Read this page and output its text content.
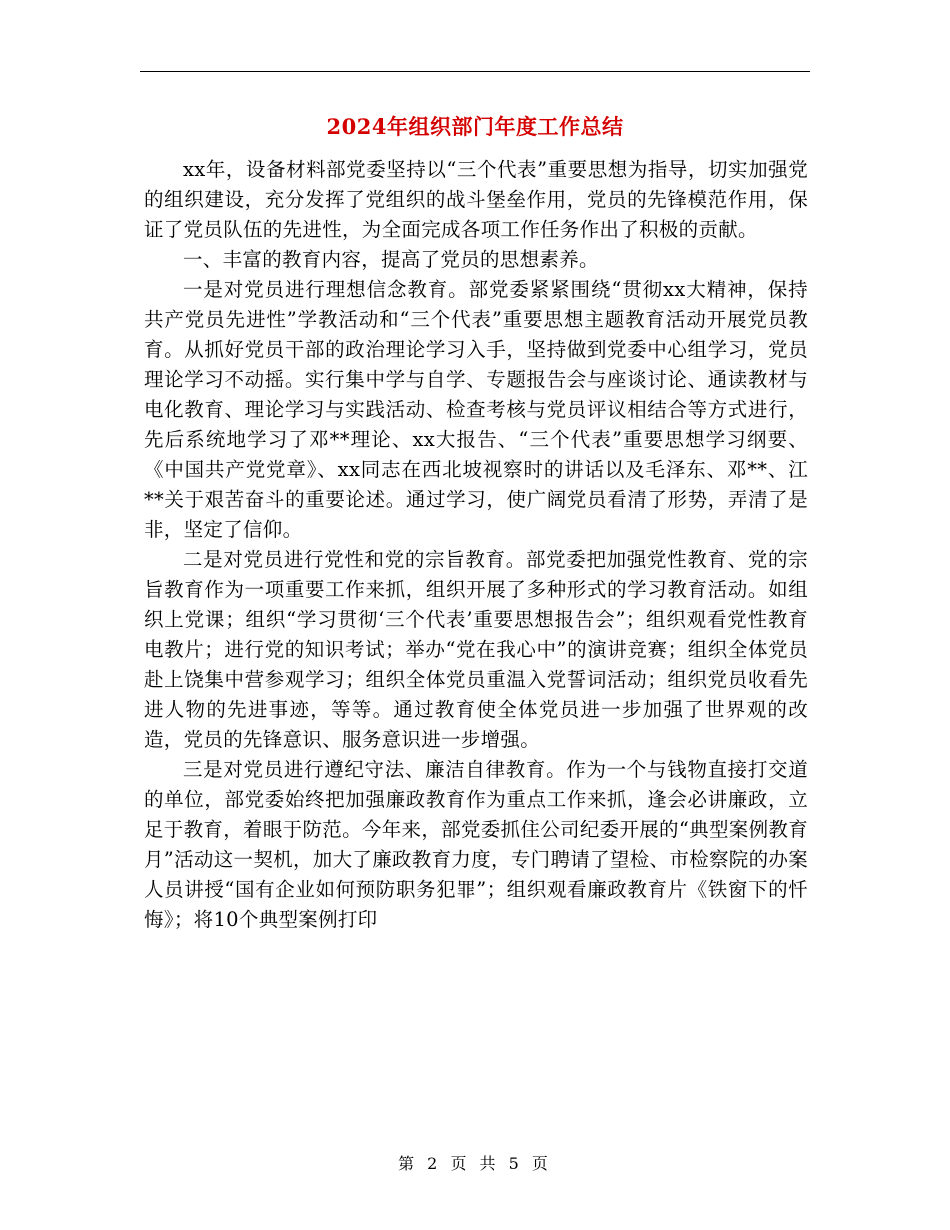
2024年组织部门年度工作总结

xx年，设备材料部党委坚持以“三个代表”重要思想为指导，切实加强党的组织建设，充分发挥了党组织的战斗堡垒作用，党员的先锋模范作用，保证了党员队伍的先进性，为全面完成各项工作任务作出了积极的贡献。

一、丰富的教育内容，提高了党员的思想素养。

一是对党员进行理想信念教育。部党委紧紧围绕“贯彻xx大精神，保持共产党员先进性”学教活动和“三个代表”重要思想主题教育活动开展党员教育。从抓好党员干部的政治理论学习入手，坚持做到党委中心组学习，党员理论学习不动摇。实行集中学与自学、专题报告会与座谈讨论、通读教材与电化教育、理论学习与实践活动、检查考核与党员评议相结合等方式进行，先后系统地学习了邓**理论、xx大报告、“三个代表”重要思想学习纲要、《中国共产党党章》、xx同志在西北坡视察时的讲话以及毛泽东、邓**、江**关于艰苦奋斗的重要论述。通过学习，使广阔党员看清了形势，弄清了是非，坚定了信仰。

二是对党员进行党性和党的宗旨教育。部党委把加强党性教育、党的宗旨教育作为一项重要工作来抓，组织开展了多种形式的学习教育活动。如组织上党课；组织“学习贯彻‘三个代表’重要思想报告会”；组织观看党性教育电教片；进行党的知识考试；举办“党在我心中”的演讲竞赛；组织全体党员赴上饶集中营参观学习；组织全体党员重温入党誓词活动；组织党员收看先进人物的先进事迹，等等。通过教育使全体党员进一步加强了世界观的改造，党员的先锋意识、服务意识进一步增强。

三是对党员进行遵纪守法、廉洁自律教育。作为一个与钱物直接打交道的单位，部党委始终把加强廉政教育作为重点工作来抓，逢会必讲廉政，立足于教育，着眼于防范。今年来，部党委抓住公司纪委开展的“典型案例教育月”活动这一契机，加大了廉政教育力度，专门聘请了望检、市检察院的办案人员讲授“国有企业如何预防职务犯罪”；组织观看廉政教育片《铁窗下的忏悔》；将10个典型案例打印

第 2 页 共 5 页
